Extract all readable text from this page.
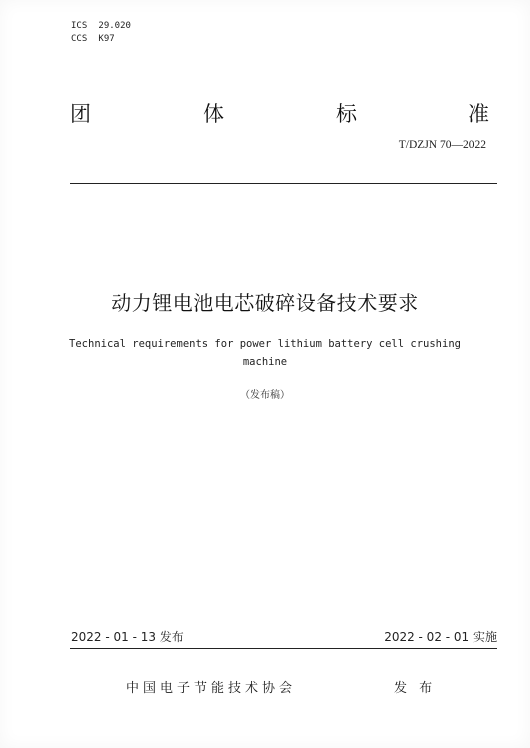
ICS 29.020
CCS K97
团	体	标	准
T/DZJN 70—2022
动力锂电池电芯破碎设备技术要求
Technical requirements for power lithium battery cell crushing
machine
（发布稿）
2022 - 01 - 13 发布	2022 - 02 - 01 实施
中国电子节能技术协会	发 布
